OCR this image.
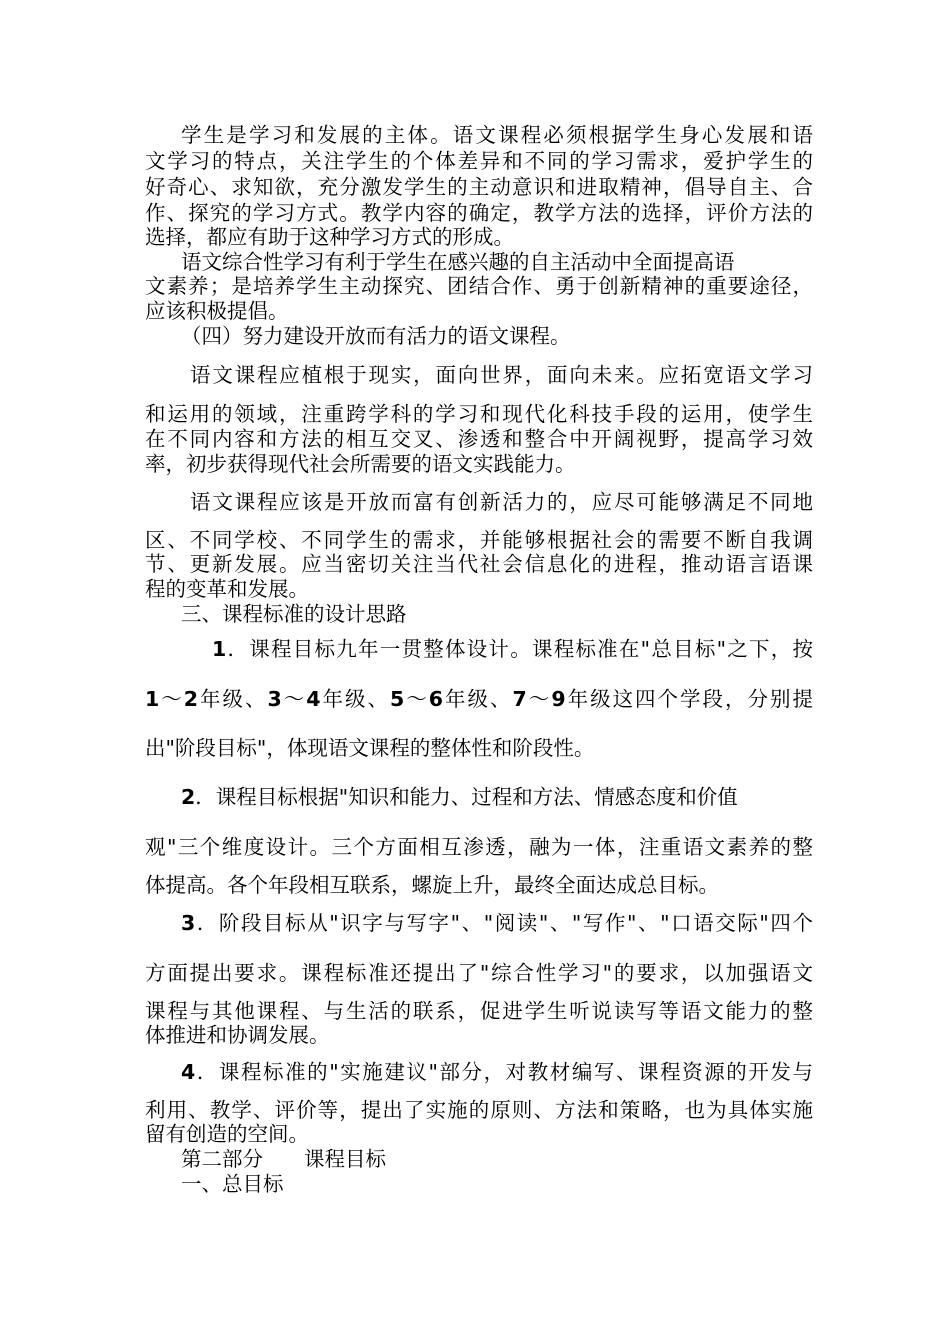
学生是学习和发展的主体。语文课程必须根据学生身心发展和语
文学习的特点，关注学生的个体差异和不同的学习需求，爱护学生的
好奇心、求知欲，充分激发学生的主动意识和进取精神，倡导自主、合
作、探究的学习方式。教学内容的确定，教学方法的选择，评价方法的
选择，都应有助于这种学习方式的形成。
语文综合性学习有利于学生在感兴趣的自主活动中全面提高语
文素养；是培养学生主动探究、团结合作、勇于创新精神的重要途径，
应该积极提倡。
（四）努力建设开放而有活力的语文课程。
语文课程应植根于现实，面向世界，面向未来。应拓宽语文学习
和运用的领域，注重跨学科的学习和现代化科技手段的运用，使学生
在不同内容和方法的相互交叉、渗透和整合中开阔视野，提高学习效
率，初步获得现代社会所需要的语文实践能力。
语文课程应该是开放而富有创新活力的，应尽可能够满足不同地
区、不同学校、不同学生的需求，并能够根据社会的需要不断自我调
节、更新发展。应当密切关注当代社会信息化的进程，推动语言语课
程的变革和发展。
三、课程标准的设计思路
1．课程目标九年一贯整体设计。课程标准在"总目标"之下，按
1～2年级、3～4年级、5～6年级、7～9年级这四个学段，分别提
出"阶段目标"，体现语文课程的整体性和阶段性。
2．课程目标根据"知识和能力、过程和方法、情感态度和价值
观"三个维度设计。三个方面相互渗透，融为一体，注重语文素养的整
体提高。各个年段相互联系，螺旋上升，最终全面达成总目标。
3．阶段目标从"识字与写字"、"阅读"、"写作"、"口语交际"四个
方面提出要求。课程标准还提出了"综合性学习"的要求，以加强语文
课程与其他课程、与生活的联系，促进学生听说读写等语文能力的整
体推进和协调发展。
4．课程标准的"实施建议"部分，对教材编写、课程资源的开发与
利用、教学、评价等，提出了实施的原则、方法和策略，也为具体实施
留有创造的空间。
第二部分　　课程目标
一、总目标
